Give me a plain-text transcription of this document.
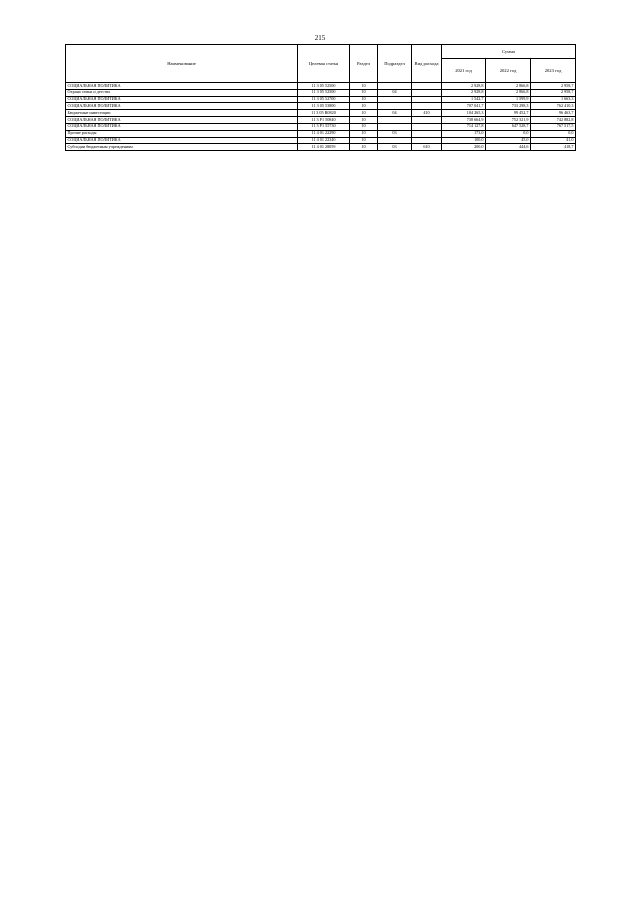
215
Наименование	Целевая статья	Раздел	Подраздел	Вид расхода	Сумма		
					2021 год	2022 год	2023 год
СОЦИАЛЬНАЯ ПОЛИТИКА	11 3 05 52500	10			2 928,8	2 866,8	2 958,7
Охрана семьи и детства	11 3 05 52500	10	04		2 928,8	2 866,8	2 958,7
СОЦИАЛЬНАЯ ПОЛИТИКА	11 3 05 52700	10			1 542,7	1 599,9	1 663,3
СОЦИАЛЬНАЯ ПОЛИТИКА	11 3 05 53800	10			707 041,7	733 298,3	762 410,3
Бюджетные инвестиции	11 3 05 R0820	10	04	410	104 265,3	99 452,7	96 463,7
СОЦИАЛЬНАЯ ПОЛИТИКА	11 3 P1 50840	10			738 664,9	752 321,9	742 882,8
СОЦИАЛЬНАЯ ПОЛИТИКА	11 3 P1 55730	10			714 127,8	647 528,7	767 517,5
Прочие расходы	11 4 01 22290	10	03		173,0	0,0	0,0
СОЦИАЛЬНАЯ ПОЛИТИКА	11 4 01 22340	10			100,0	45,0	41,0
Субсидии бюджетным учреждениям	11 4 01 28059	10	03	610	200,0	444,6	418,7
